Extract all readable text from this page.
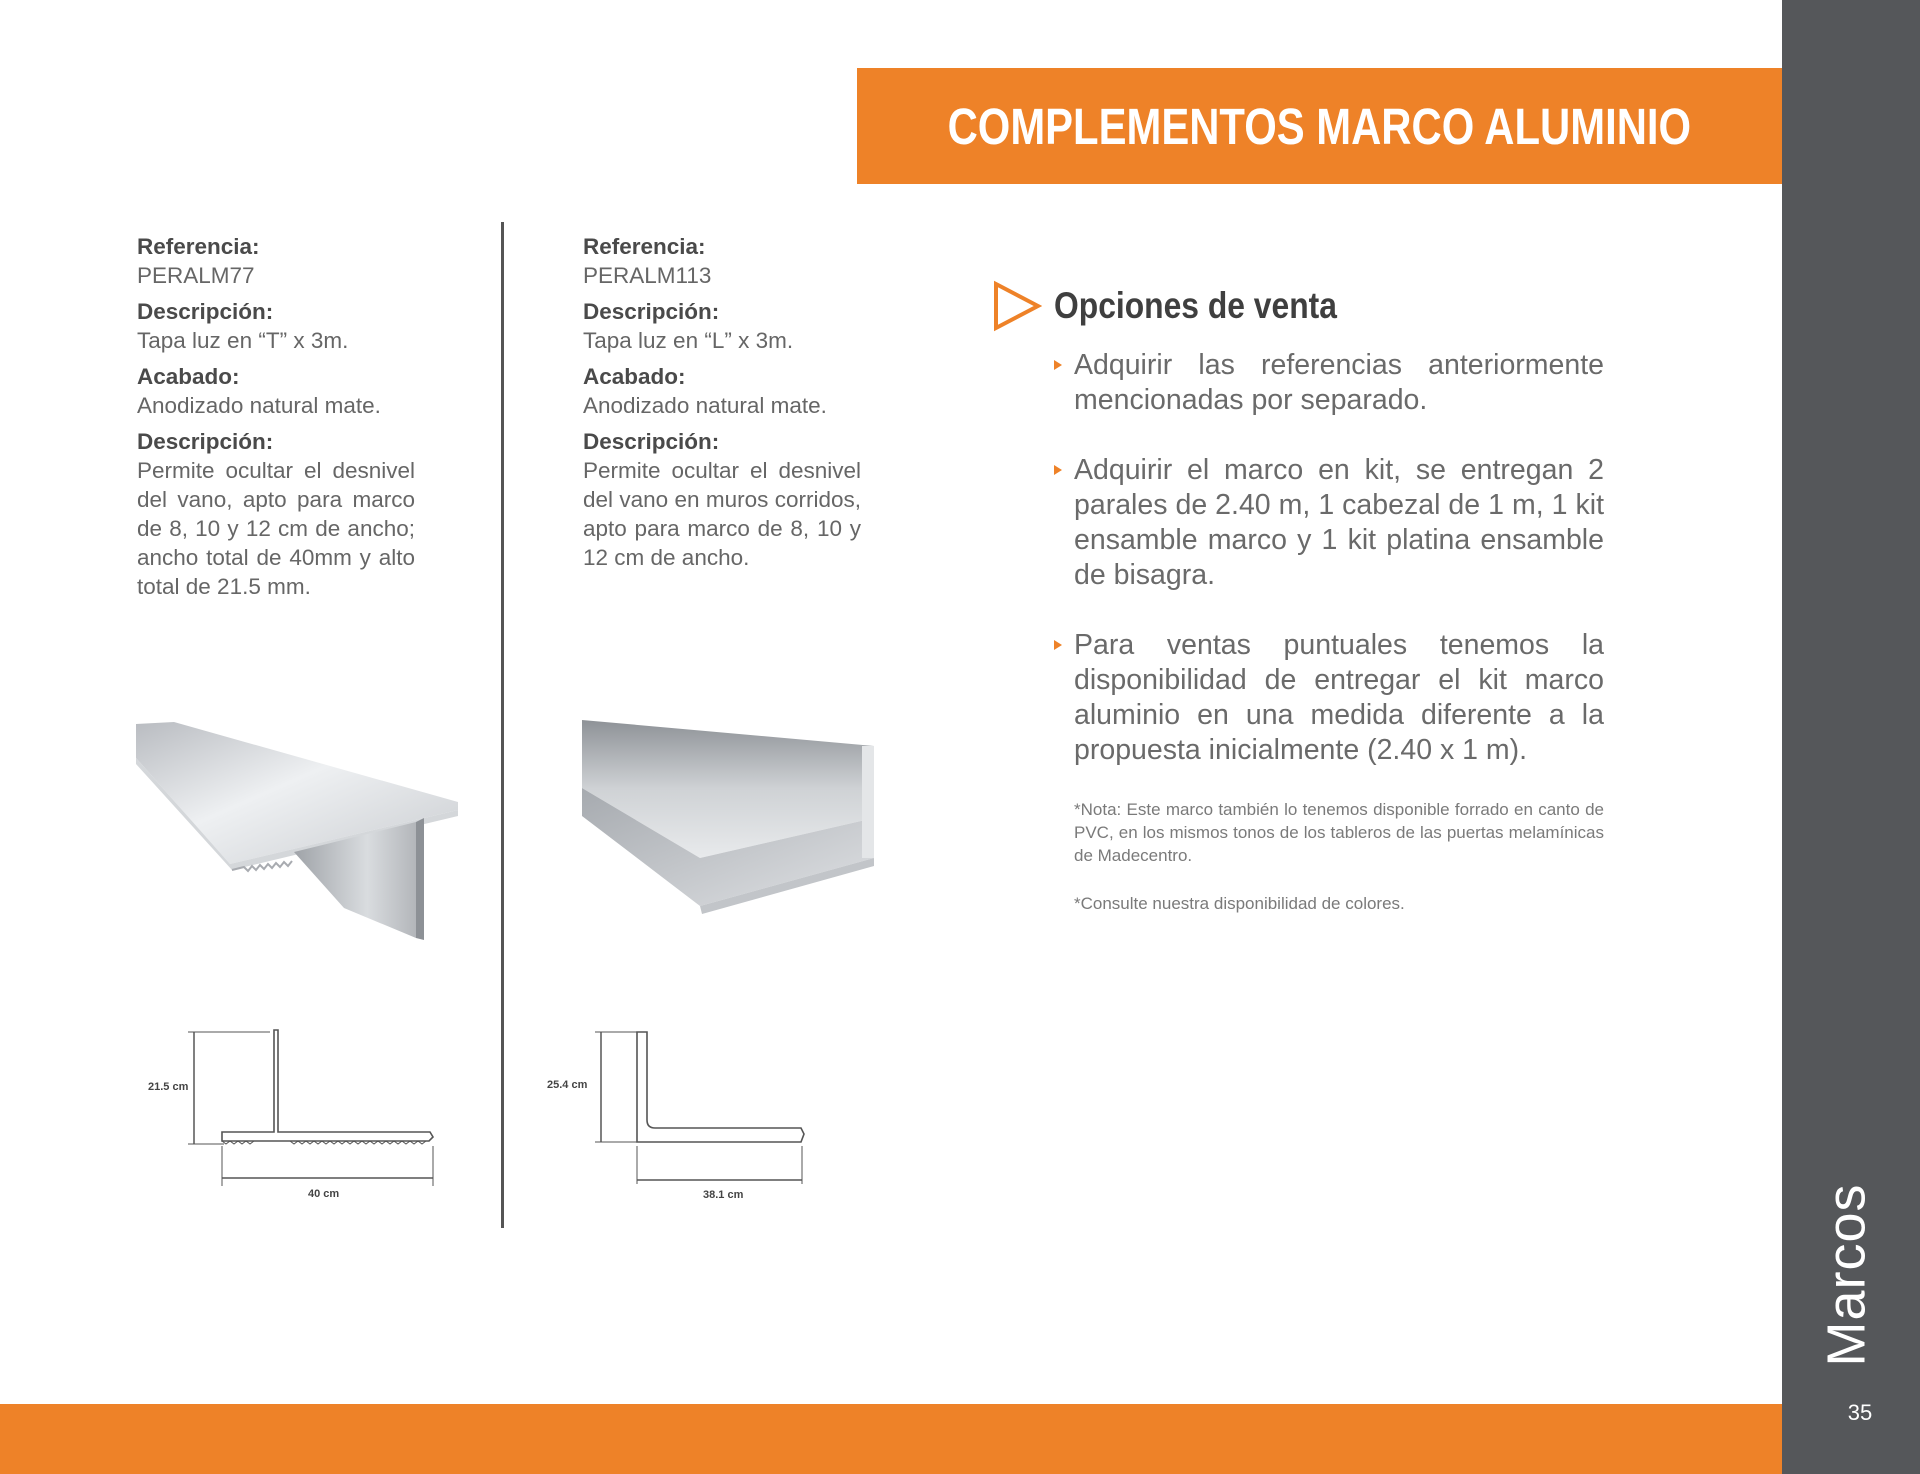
Marcos
35
COMPLEMENTOS MARCO ALUMINIO
Referencia:
PERALM77
Descripción:
Tapa luz en “T” x 3m.
Acabado:
Anodizado natural mate.
Descripción:
Permite ocultar el desnivel del vano, apto para marco de 8, 10 y 12 cm de ancho; ancho total de 40mm y alto total de 21.5 mm.
Referencia:
PERALM113
Descripción:
Tapa luz en “L” x 3m.
Acabado:
Anodizado natural mate.
Descripción:
Permite ocultar el desnivel del vano en muros corridos, apto para marco de 8, 10 y 12 cm de ancho.
21.5 cm
40 cm
25.4 cm
38.1 cm
Opciones de venta
Adquirir las referencias anteriormente mencionadas por separado.
Adquirir el marco en kit, se entregan 2 parales de 2.40 m, 1 cabezal de 1 m, 1 kit ensamble marco y 1 kit platina ensamble de bisagra.
Para ventas puntuales tenemos la disponibilidad de entregar el kit marco aluminio en una medida diferente a la propuesta inicialmente (2.40 x 1 m).
*Nota: Este marco también lo tenemos disponible forrado en canto de PVC, en los mismos tonos de los tableros de las puertas melamínicas de Madecentro.
*Consulte nuestra disponibilidad de colores.
